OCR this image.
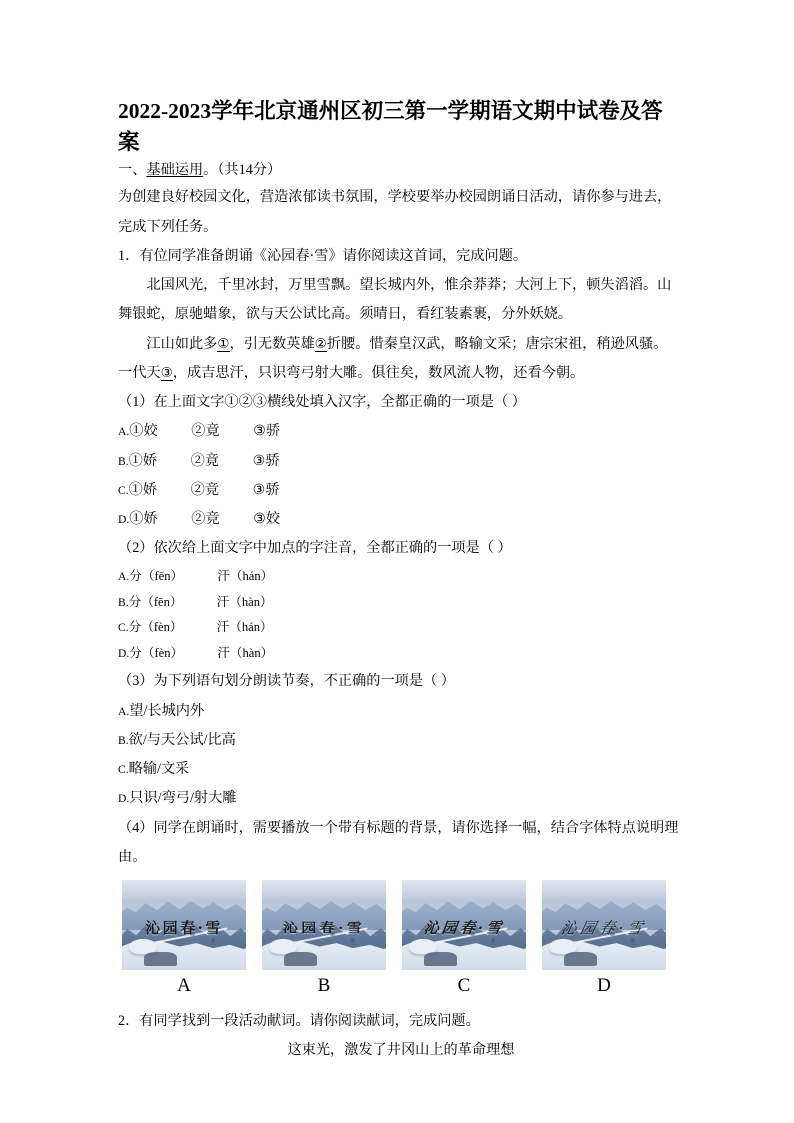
2022-2023学年北京通州区初三第一学期语文期中试卷及答案

一、基础运用。（共14分）

为创建良好校园文化，营造浓郁读书氛围，学校要举办校园朗诵日活动，请你参与进去，

完成下列任务。

1．有位同学准备朗诵《沁园春·雪》请你阅读这首词，完成问题。

北国风光，千里冰封，万里雪飘。望长城内外，惟余莽莽；大河上下，顿失滔滔。山

舞银蛇，原驰蜡象，欲与天公试比高。须晴日，看红装素裹，分外妖娆。

江山如此多①，引无数英雄②折腰。惜秦皇汉武，略输文采；唐宗宋祖，稍逊风骚。

一代天③，成吉思汗，只识弯弓射大雕。俱往矣，数风流人物，还看今朝。

（1）在上面文字①②③横线处填入汉字，全都正确的一项是（ ）

A.①姣 ②竟 ③骄

B.①娇 ②竟 ③骄

C.①娇 ②竞 ③骄

D.①娇 ②竞 ③姣

（2）依次给上面文字中加点的字注音，全都正确的一项是（ ）

A.分（fēn）	汗（hán）

B.分（fēn）	汗（hàn）

C.分（fèn）	汗（hán）

D.分（fèn）	汗（hàn）

（3）为下列语句划分朗读节奏，不正确的一项是（ ）

A.望/长城内外

B.欲/与天公试/比高

C.略输/文采

D.只识/弯弓/射大雕

（4）同学在朗诵时，需要播放一个带有标题的背景，请你选择一幅，结合字体特点说明理

由。

沁园春·雪
A
沁园春·雪
B
沁园春·雪
C
沁园春·雪
D

2．有同学找到一段活动献词。请你阅读献词，完成问题。

这束光，激发了井冈山上的革命理想
